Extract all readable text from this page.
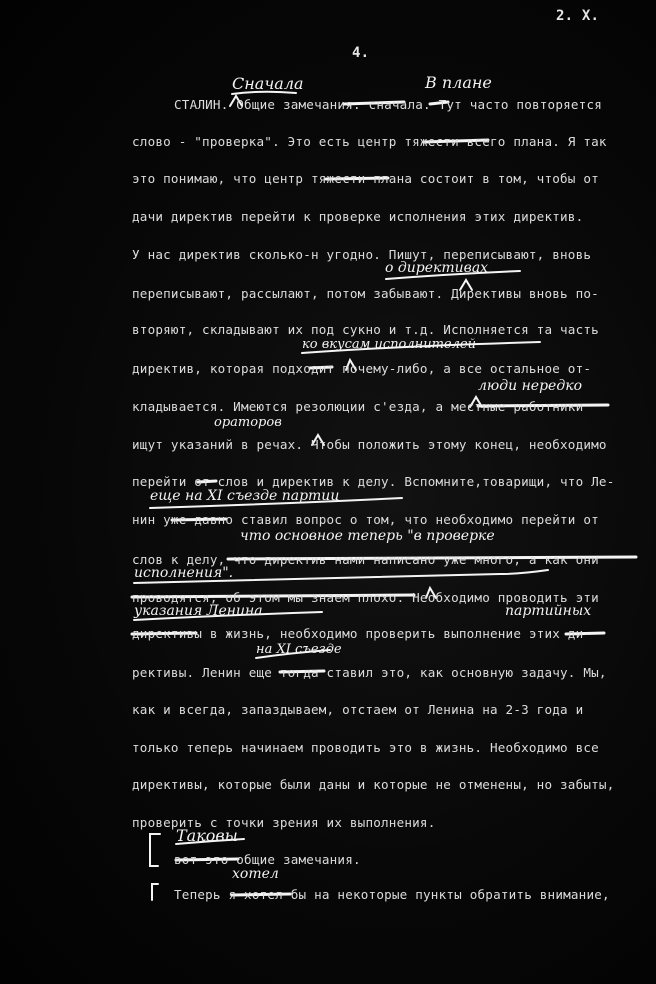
2. Х.
4.
СТАЛИН. Общие замечания. сначала. Тут часто повторяется
слово - "проверка". Это есть центр тяжести всего плана. Я так
это понимаю, что центр тяжести плана состоит в том, чтобы от
дачи директив перейти к проверке исполнения этих директив.
У нас директив сколько-н угодно. Пишут, переписывают, вновь
переписывают, рассылают, потом забывают. Директивы вновь по-
вторяют, складывают их под сукно и т.д. Исполняется та часть
директив, которая подходит почему-либо, а все остальное от-
кладывается. Имеются резолюции с'езда, а местные работники
ищут указаний в речах. Чтобы положить этому конец, необходимо
перейти от слов и директив к делу. Вспомните,товарищи, что Ле-
нин уже давно ставил вопрос о том, что необходимо перейти от
слов к делу, что директив нами написано уже много, а как они
проводятся, об этом мы знаем плохо. Необходимо проводить эти
директивы в жизнь, необходимо проверить выполнение этих ди-
рективы. Ленин еще тогда ставил это, как основную задачу. Мы,
как и всегда, запаздываем, отстаем от Ленина на 2-3 года и
только теперь начинаем проводить это в жизнь. Необходимо все
директивы, которые были даны и которые не отменены, но забыты,
проверить с точки зрения их выполнения.
вот это общие замечания.
Теперь я хотел бы на некоторые пункты обратить внимание,
Сначала	В плане
о директивах
ко вкусам исполнителей
люди нередко
ораторов
еще на XI съезде партии
что основное теперь "в проверке
исполнения".
указания Ленина	партийных
на XI съезде
Таковы
хотел
